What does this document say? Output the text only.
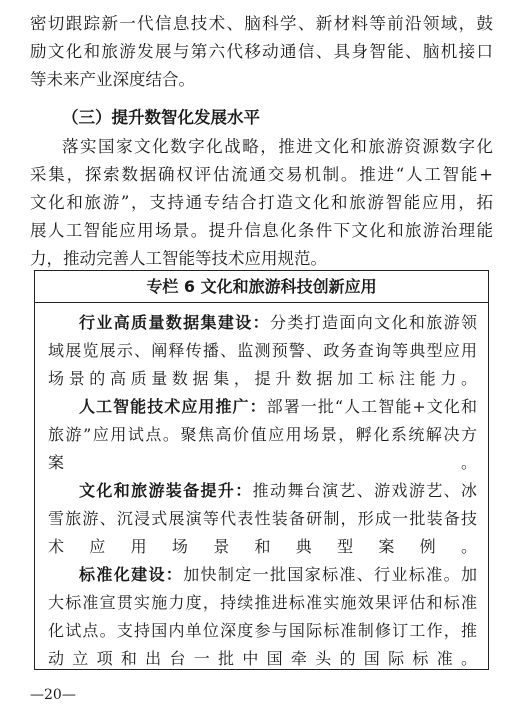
密切跟踪新一代信息技术、脑科学、新材料等前沿领域，鼓
励文化和旅游发展与第六代移动通信、具身智能、脑机接口
等未来产业深度结合。
（三）提升数智化发展水平
落实国家文化数字化战略，推进文化和旅游资源数字化
采集，探索数据确权评估流通交易机制。推进“人工智能+
文化和旅游”，支持通专结合打造文化和旅游智能应用，拓
展人工智能应用场景。提升信息化条件下文化和旅游治理能
力，推动完善人工智能等技术应用规范。
专栏 6 文化和旅游科技创新应用
行业高质量数据集建设：分类打造面向文化和旅游领
域展览展示、阐释传播、监测预警、政务查询等典型应用
场景的高质量数据集，提升数据加工标注能力。
人工智能技术应用推广：部署一批“人工智能+文化和
旅游”应用试点。聚焦高价值应用场景，孵化系统解决方
案。
文化和旅游装备提升：推动舞台演艺、游戏游艺、冰
雪旅游、沉浸式展演等代表性装备研制，形成一批装备技
术应用场景和典型案例。
标准化建设：加快制定一批国家标准、行业标准。加
大标准宣贯实施力度，持续推进标准实施效果评估和标准
化试点。支持国内单位深度参与国际标准制修订工作，推
动立项和出台一批中国牵头的国际标准。
—20—
